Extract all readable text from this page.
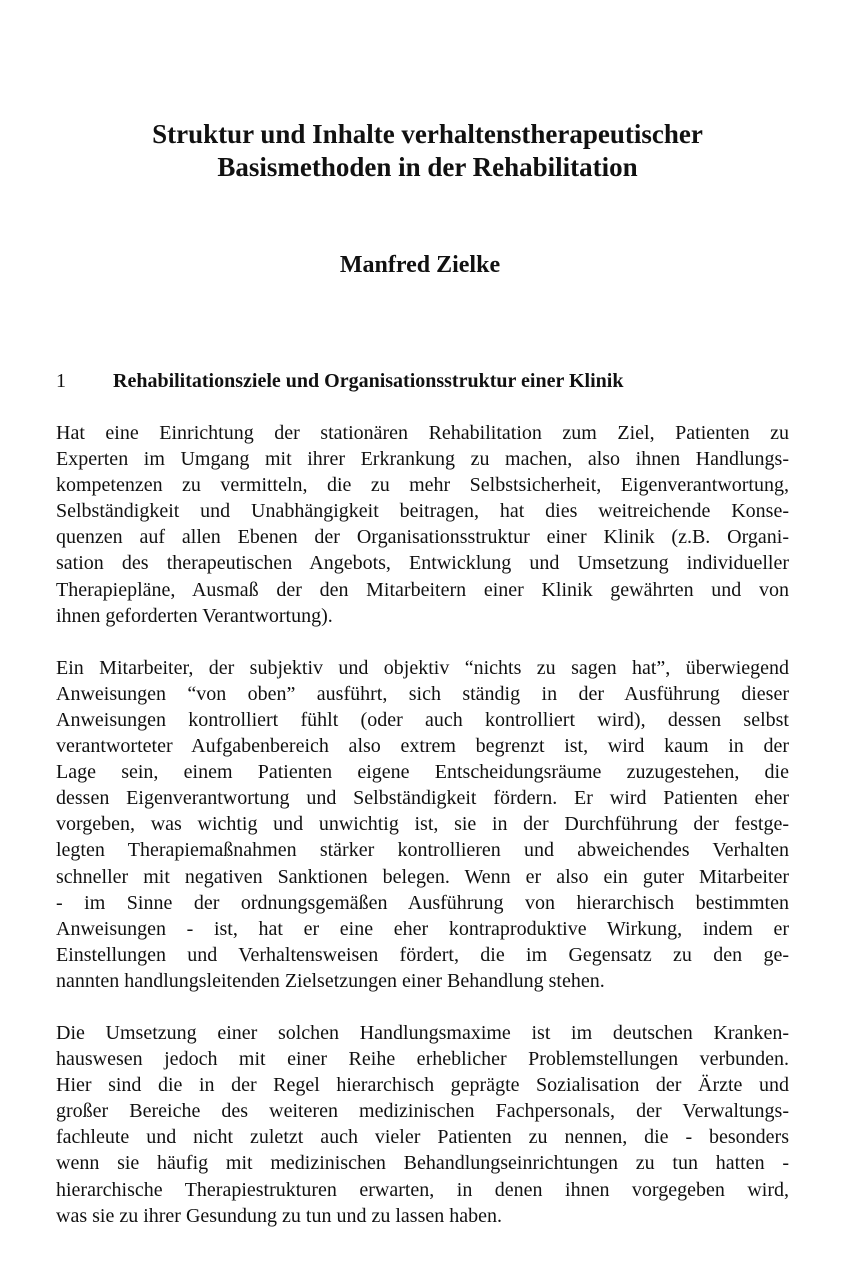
Struktur und Inhalte verhaltenstherapeutischer
Basismethoden in der Rehabilitation
Manfred Zielke
1 Rehabilitationsziele und Organisationsstruktur einer Klinik

Hat eine Einrichtung der stationären Rehabilitation zum Ziel, Patienten zu
Experten im Umgang mit ihrer Erkrankung zu machen, also ihnen Handlungs-
kompetenzen zu vermitteln, die zu mehr Selbstsicherheit, Eigenverantwortung,
Selbständigkeit und Unabhängigkeit beitragen, hat dies weitreichende Konse-
quenzen auf allen Ebenen der Organisationsstruktur einer Klinik (z.B. Organi-
sation des therapeutischen Angebots, Entwicklung und Umsetzung individueller
Therapiepläne, Ausmaß der den Mitarbeitern einer Klinik gewährten und von
ihnen geforderten Verantwortung).

Ein Mitarbeiter, der subjektiv und objektiv “nichts zu sagen hat”, überwiegend
Anweisungen “von oben” ausführt, sich ständig in der Ausführung dieser
Anweisungen kontrolliert fühlt (oder auch kontrolliert wird), dessen selbst
verantworteter Aufgabenbereich also extrem begrenzt ist, wird kaum in der
Lage sein, einem Patienten eigene Entscheidungsräume zuzugestehen, die
dessen Eigenverantwortung und Selbständigkeit fördern. Er wird Patienten eher
vorgeben, was wichtig und unwichtig ist, sie in der Durchführung der festge-
legten Therapiemaßnahmen stärker kontrollieren und abweichendes Verhalten
schneller mit negativen Sanktionen belegen. Wenn er also ein guter Mitarbeiter
- im Sinne der ordnungsgemäßen Ausführung von hierarchisch bestimmten
Anweisungen - ist, hat er eine eher kontraproduktive Wirkung, indem er
Einstellungen und Verhaltensweisen fördert, die im Gegensatz zu den ge-
nannten handlungsleitenden Zielsetzungen einer Behandlung stehen.

Die Umsetzung einer solchen Handlungsmaxime ist im deutschen Kranken-
hauswesen jedoch mit einer Reihe erheblicher Problemstellungen verbunden.
Hier sind die in der Regel hierarchisch geprägte Sozialisation der Ärzte und
großer Bereiche des weiteren medizinischen Fachpersonals, der Verwaltungs-
fachleute und nicht zuletzt auch vieler Patienten zu nennen, die - besonders
wenn sie häufig mit medizinischen Behandlungseinrichtungen zu tun hatten -
hierarchische Therapiestrukturen erwarten, in denen ihnen vorgegeben wird,
was sie zu ihrer Gesundung zu tun und zu lassen haben.
